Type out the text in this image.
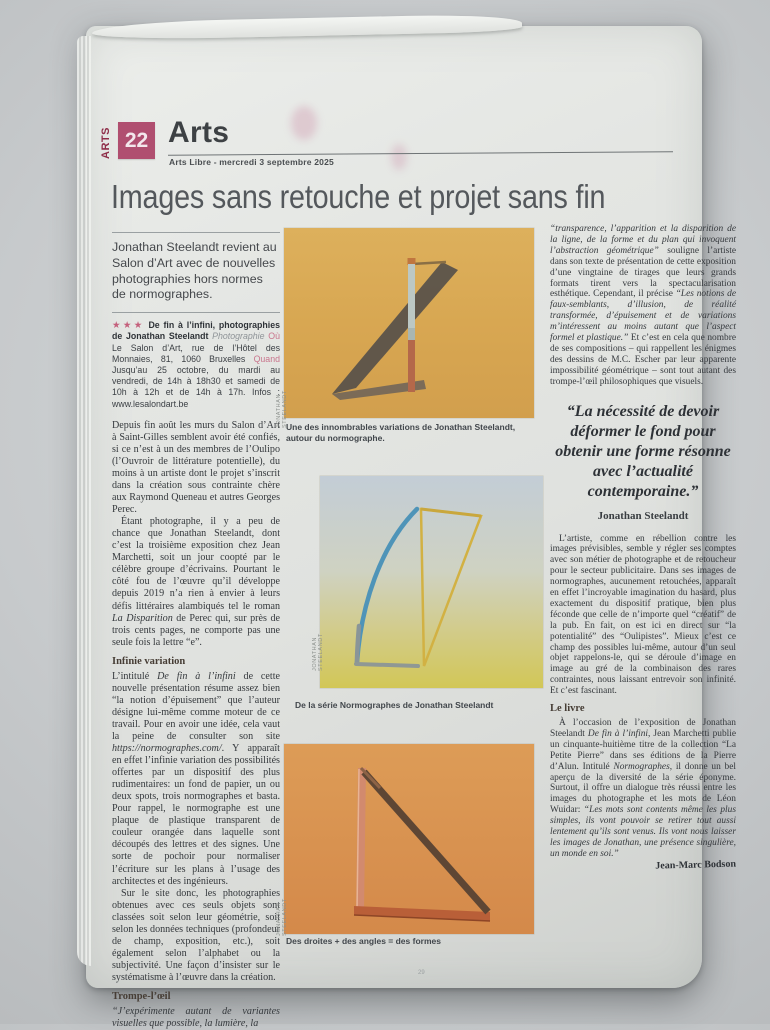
ARTS 22 Arts
Arts Libre - mercredi 3 septembre 2025
Images sans retouche et projet sans fin

Jonathan Steelandt revient au Salon d’Art avec de nouvelles photographies hors normes de normographes.

★★★ De fin à l’infini, photographies de Jonathan Steelandt Photographie Où Le Salon d’Art, rue de l’Hôtel des Monnaies, 81, 1060 Bruxelles Quand Jusqu’au 25 octobre, du mardi au vendredi, de 14h à 18h30 et samedi de 10h à 12h et de 14h à 17h. Infos : www.lesalondart.be

Depuis fin août les murs du Salon d’Art à Saint-Gilles semblent avoir été confiés, si ce n’est à un des membres de l’Oulipo (l’Ouvroir de littérature potentielle), du moins à un artiste dont le projet s’inscrit dans la création sous contrainte chère aux Raymond Queneau et autres Georges Perec.

Étant photographe, il y a peu de chance que Jonathan Steelandt, dont c’est la troisième exposition chez Jean Marchetti, soit un jour coopté par le célèbre groupe d’écrivains. Pourtant le côté fou de l’œuvre qu’il développe depuis 2019 n’a rien à envier à leurs défis littéraires alambiqués tel le roman La Disparition de Perec qui, sur près de trois cents pages, ne comporte pas une seule fois la lettre “e”.

Infinie variation

L’intitulé De fin à l’infini de cette nouvelle présentation résume assez bien “la notion d’épuisement” que l’auteur désigne lui-même comme moteur de ce travail. Pour en avoir une idée, cela vaut la peine de consulter son site https://normographes.com/. Y apparaît en effet l’infinie variation des possibilités offertes par un dispositif des plus rudimentaires: un fond de papier, un ou deux spots, trois normographes et basta. Pour rappel, le normographe est une plaque de plastique transparent de couleur orangée dans laquelle sont découpés des lettres et des signes. Une sorte de pochoir pour normaliser l’écriture sur les plans à l’usage des architectes et des ingénieurs.

Sur le site donc, les photographies obtenues avec ces seuls objets sont classées soit selon leur géométrie, soit selon les données techniques (profondeur de champ, exposition, etc.), soit également selon l’alphabet ou la subjectivité. Une façon d’insister sur le systématisme à l’œuvre dans la création.

Trompe-l’œil

“J’expérimente autant de variantes visuelles que possible, la lumière, la

JONATHAN STEELANDT
Une des innombrables variations de Jonathan Steelandt, autour du normographe.
JONATHAN STEELANDT
De la série Normographes de Jonathan Steelandt
JONATHAN STEELANDT
Des droites + des angles = des formes

“transparence, l’apparition et la disparition de la ligne, de la forme et du plan qui invoquent l’abstraction géométrique” souligne l’artiste dans son texte de présentation de cette exposition d’une vingtaine de tirages que leurs grands formats tirent vers la spectacularisation esthétique. Cependant, il précise “Les notions de faux-semblants, d’illusion, de réalité transformée, d’épuisement et de variations m’intéressent au moins autant que l’aspect formel et plastique.” Et c’est en cela que nombre de ses compositions – qui rappellent les énigmes des dessins de M.C. Escher par leur apparente impossibilité géométrique – sont tout autant des trompe-l’œil philosophiques que visuels.

“La nécessité de devoir déformer le fond pour obtenir une forme résonne avec l’actualité contemporaine.”
Jonathan Steelandt

L’artiste, comme en rébellion contre les images prévisibles, semble y régler ses comptes avec son métier de photographe et de retoucheur pour le secteur publicitaire. Dans ses images de normographes, aucunement retouchées, apparaît en effet l’incroyable imagination du hasard, plus exactement du dispositif pratique, bien plus féconde que celle de n’importe quel “créatif” de la pub. En fait, on est ici en direct sur “la potentialité” des “Oulipistes”. Mieux c’est ce champ des possibles lui-même, autour d’un seul objet rappelons-le, qui se déroule d’image en image au gré de la combinaison des rares contraintes, nous laissant entrevoir son infinité. Et c’est fascinant.

Le livre

À l’occasion de l’exposition de Jonathan Steelandt De fin à l’infini, Jean Marchetti publie un cinquante-huitième titre de la collection “La Petite Pierre” dans ses éditions de la Pierre d’Alun. Intitulé Normographes, il donne un bel aperçu de la diversité de la série éponyme. Surtout, il offre un dialogue très réussi entre les images du photographe et les mots de Léon Wuidar: “Les mots sont contents même les plus simples, ils vont pouvoir se retirer tout aussi lentement qu’ils sont venus. Ils vont nous laisser les images de Jonathan, une présence singulière, un monde en soi.”

Jean-Marc Bodson
29
